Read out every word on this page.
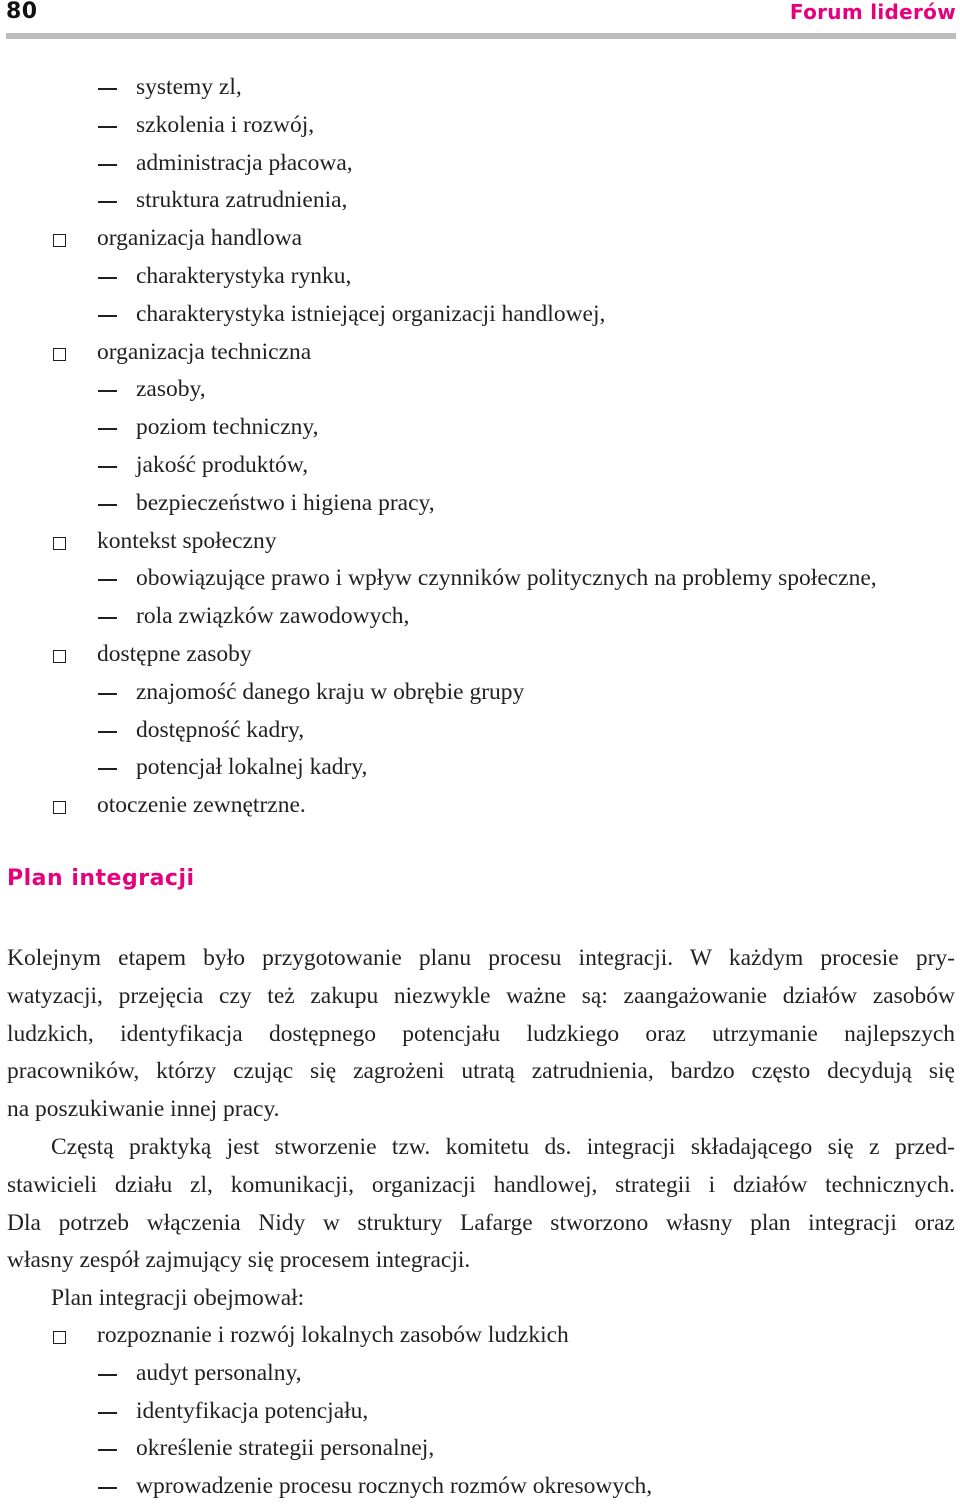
80	Forum liderów
systemy zl,
szkolenia i rozwój,
administracja płacowa,
struktura zatrudnienia,
organizacja handlowa
charakterystyka rynku,
charakterystyka istniejącej organizacji handlowej,
organizacja techniczna
zasoby,
poziom techniczny,
jakość produktów,
bezpieczeństwo i higiena pracy,
kontekst społeczny
obowiązujące prawo i wpływ czynników politycznych na problemy społeczne,
rola związków zawodowych,
dostępne zasoby
znajomość danego kraju w obrębie grupy
dostępność kadry,
potencjał lokalnej kadry,
otoczenie zewnętrzne.
Plan integracji
Kolejnym etapem było przygotowanie planu procesu integracji. W każdym procesie pry-
watyzacji, przejęcia czy też zakupu niezwykle ważne są: zaangażowanie działów zasobów
ludzkich, identyfikacja dostępnego potencjału ludzkiego oraz utrzymanie najlepszych
pracowników, którzy czując się zagrożeni utratą zatrudnienia, bardzo często decydują się
na poszukiwanie innej pracy.
Częstą praktyką jest stworzenie tzw. komitetu ds. integracji składającego się z przed-
stawicieli działu zl, komunikacji, organizacji handlowej, strategii i działów technicznych.
Dla potrzeb włączenia Nidy w struktury Lafarge stworzono własny plan integracji oraz
własny zespół zajmujący się procesem integracji.
Plan integracji obejmował:
rozpoznanie i rozwój lokalnych zasobów ludzkich
audyt personalny,
identyfikacja potencjału,
określenie strategii personalnej,
wprowadzenie procesu rocznych rozmów okresowych,
